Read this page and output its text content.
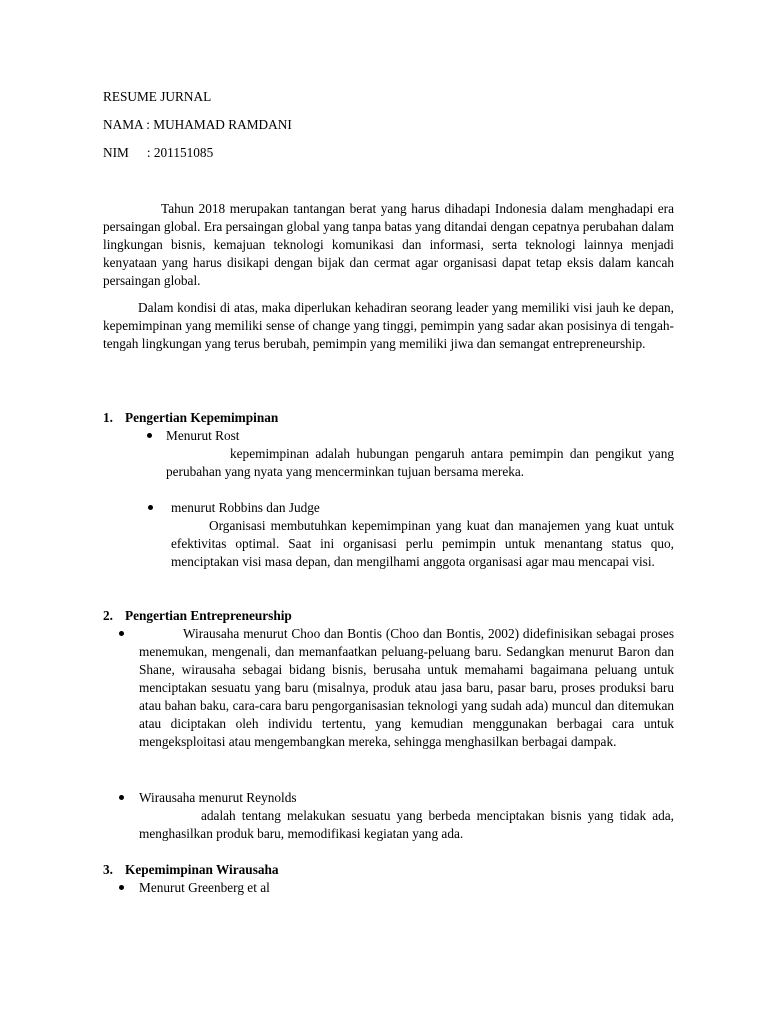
RESUME JURNAL
NAMA : MUHAMAD RAMDANI
NIM : 201151085

Tahun 2018 merupakan tantangan berat yang harus dihadapi Indonesia dalam menghadapi era persaingan global. Era persaingan global yang tanpa batas yang ditandai dengan cepatnya perubahan dalam lingkungan bisnis, kemajuan teknologi komunikasi dan informasi, serta teknologi lainnya menjadi kenyataan yang harus disikapi dengan bijak dan cermat agar organisasi dapat tetap eksis dalam kancah persaingan global.

Dalam kondisi di atas, maka diperlukan kehadiran seorang leader yang memiliki visi jauh ke depan, kepemimpinan yang memiliki sense of change yang tinggi, pemimpin yang sadar akan posisinya di tengah-tengah lingkungan yang terus berubah, pemimpin yang memiliki jiwa dan semangat entrepreneurship.

1. Pengertian Kepemimpinan
Menurut Rost

kepemimpinan adalah hubungan pengaruh antara pemimpin dan pengikut yang perubahan yang nyata yang mencerminkan tujuan bersama mereka.

menurut Robbins dan Judge

Organisasi membutuhkan kepemimpinan yang kuat dan manajemen yang kuat untuk efektivitas optimal. Saat ini organisasi perlu pemimpin untuk menantang status quo, menciptakan visi masa depan, dan mengilhami anggota organisasi agar mau mencapai visi.

2. Pengertian Entrepreneurship

Wirausaha menurut Choo dan Bontis (Choo dan Bontis, 2002) didefinisikan sebagai proses menemukan, mengenali, dan memanfaatkan peluang-peluang baru. Sedangkan menurut Baron dan Shane, wirausaha sebagai bidang bisnis, berusaha untuk memahami bagaimana peluang untuk menciptakan sesuatu yang baru (misalnya, produk atau jasa baru, pasar baru, proses produksi baru atau bahan baku, cara-cara baru pengorganisasian teknologi yang sudah ada) muncul dan ditemukan atau diciptakan oleh individu tertentu, yang kemudian menggunakan berbagai cara untuk mengeksploitasi atau mengembangkan mereka, sehingga menghasilkan berbagai dampak.

Wirausaha menurut Reynolds

adalah tentang melakukan sesuatu yang berbeda menciptakan bisnis yang tidak ada, menghasilkan produk baru, memodifikasi kegiatan yang ada.

3. Kepemimpinan Wirausaha
Menurut Greenberg et al
